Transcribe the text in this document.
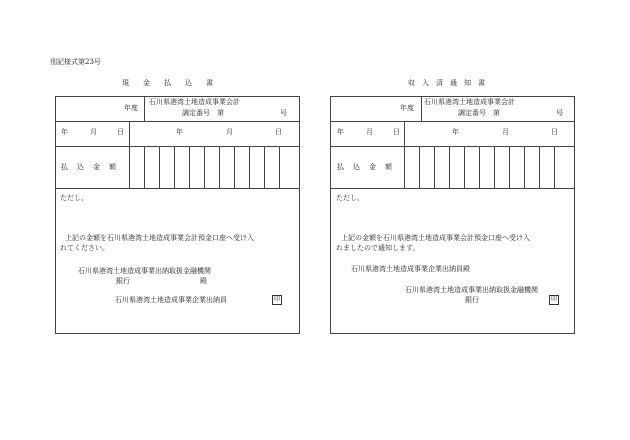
別記様式第23号
現　　金　　払　　込　　書
年度
石川県港湾土地造成事業会計
調定番号　第	号
年	月	日	年	月	日
払　込　金　額
ただし、
上記の金額を石川県港湾土地造成事業会計預金口座へ受け入
れてください。
石川県港湾土地造成事業出納取扱金融機関
銀行	殿
石川県港湾土地造成事業企業出納員	印
収　入　済　通　知　書
年度
石川県港湾土地造成事業会計
調定番号　第	号
年	月	日	年	月	日
払　込　金　額
ただし、
上記の金額を石川県港湾土地造成事業会計預金口座へ受け入
れましたので通知します。
石川県港湾土地造成事業企業出納員殿
石川県港湾土地造成事業出納取扱金融機関
銀行	印
